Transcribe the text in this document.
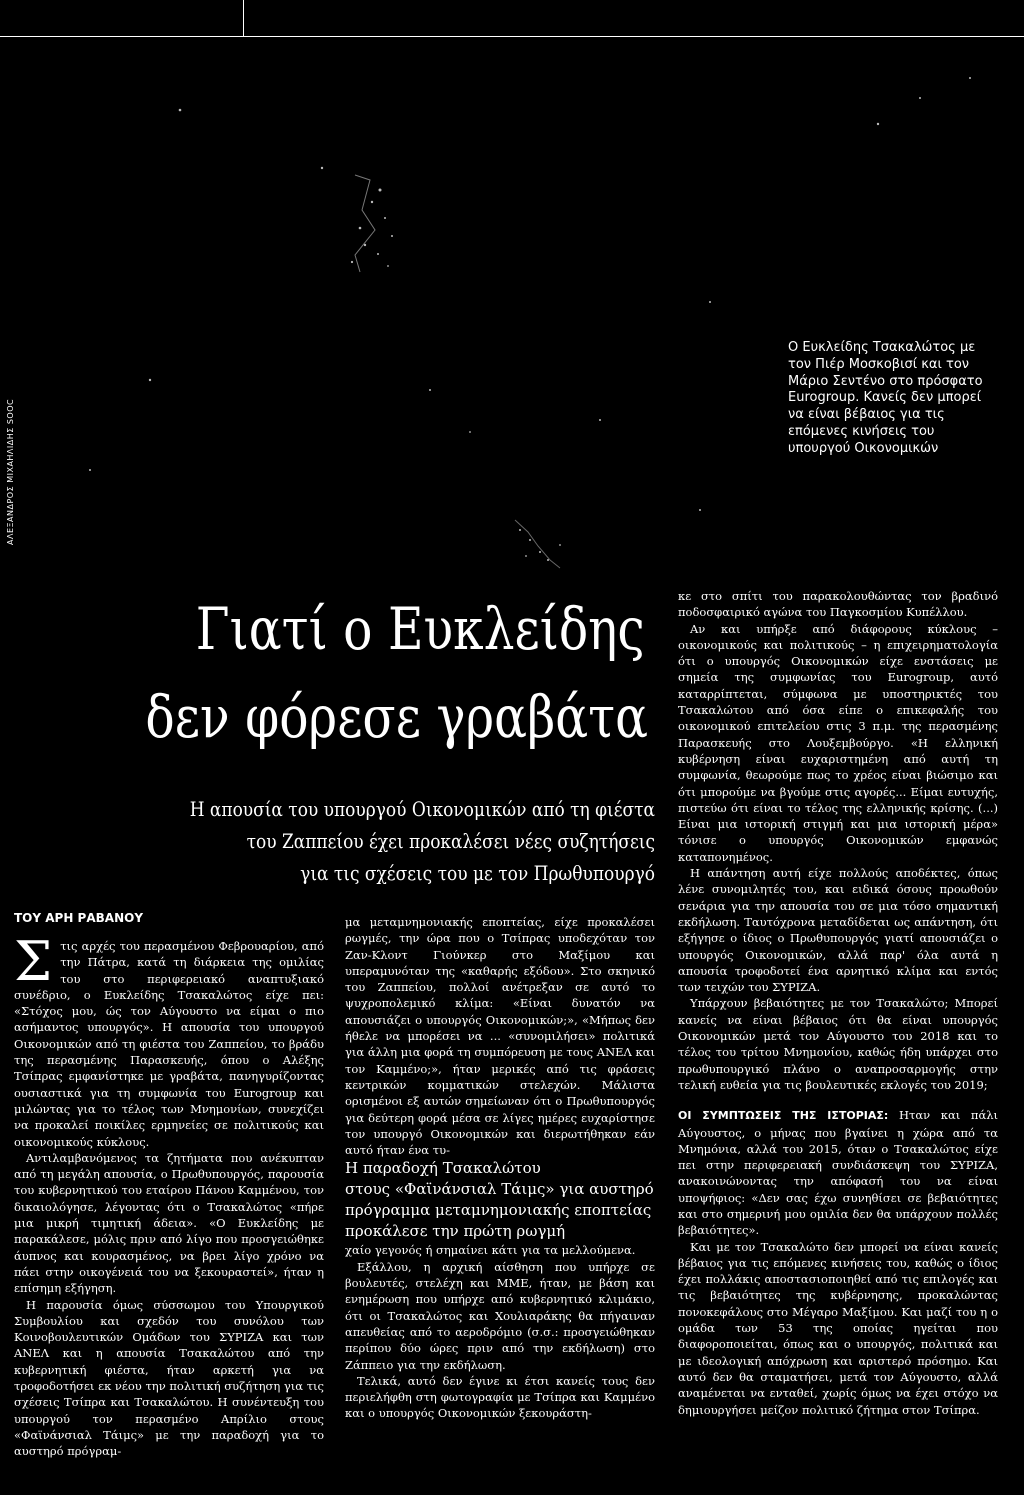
ΑΛΕΞΑΝΔΡΟΣ ΜΙΧΑΗΛΙΔΗΣ SOOC
Ο Ευκλείδης Τσακαλώτος με τον Πιέρ Μοσκοβισί και τον Μάριο Σεντένο στο πρόσφατο Eurogroup. Κανείς δεν μπορεί να είναι βέβαιος για τις επόμενες κινήσεις του υπουργού Οικονομικών
Γιατί ο Ευκλείδης
δεν φόρεσε γραβάτα

Η απουσία του υπουργού Οικονομικών από τη φιέστα
του Ζαππείου έχει προκαλέσει νέες συζητήσεις
για τις σχέσεις του με τον Πρωθυπουργό

ΤΟΥ ΑΡΗ ΡΑΒΑΝΟΥ

Στις αρχές του περασμένου Φεβρουαρίου, από την Πάτρα, κατά τη διάρκεια της ομιλίας του στο περιφερειακό αναπτυξιακό συνέδριο, ο Ευκλείδης Τσακαλώτος είχε πει: «Στόχος μου, ώς τον Αύγουστο να είμαι ο πιο ασήμαντος υπουργός». Η απουσία του υπουργού Οικονομικών από τη φιέστα του Ζαππείου, το βράδυ της περασμένης Παρασκευής, όπου ο Αλέξης Τσίπρας εμφανίστηκε με γραβάτα, πανηγυρίζοντας ουσιαστικά για τη συμφωνία του Eurogroup και μιλώντας για το τέλος των Μνημονίων, συνεχίζει να προκαλεί ποικίλες ερμηνείες σε πολιτικούς και οικονομικούς κύκλους.

Αντιλαμβανόμενος τα ζητήματα που ανέκυπταν από τη μεγάλη απουσία, ο Πρωθυπουργός, παρουσία του κυβερνητικού του εταίρου Πάνου Καμμένου, τον δικαιολόγησε, λέγοντας ότι ο Τσακαλώτος «πήρε μια μικρή τιμητική άδεια». «Ο Ευκλείδης με παρακάλεσε, μόλις πριν από λίγο που προσγειώθηκε άυπνος και κουρασμένος, να βρει λίγο χρόνο να πάει στην οικογένειά του να ξεκουραστεί», ήταν η επίσημη εξήγηση.

Η παρουσία όμως σύσσωμου του Υπουργικού Συμβουλίου και σχεδόν του συνόλου των Κοινοβουλευτικών Ομάδων του ΣΥΡΙΖΑ και των ΑΝΕΛ και η απουσία Τσακαλώτου από την κυβερνητική φιέστα, ήταν αρκετή για να τροφοδοτήσει εκ νέου την πολιτική συζήτηση για τις σχέσεις Τσίπρα και Τσακαλώτου. Η συνέντευξη του υπουργού τον περασμένο Απρίλιο στους «Φαϊνάνσιαλ Τάιμς» με την παραδοχή για το αυστηρό πρόγραμ-

μα μεταμνημονιακής εποπτείας, είχε προκαλέσει ρωγμές, την ώρα που ο Τσίπρας υποδεχόταν τον Ζαν-Κλοντ Γιούνκερ στο Μαξίμου και υπεραμυνόταν της «καθαρής εξόδου». Στο σκηνικό του Ζαππείου, πολλοί ανέτρεξαν σε αυτό το ψυχροπολεμικό κλίμα: «Είναι δυνατόν να απουσιάζει ο υπουργός Οικονομικών;», «Μήπως δεν ήθελε να μπορέσει να ... «συνομιλήσει» πολιτικά για άλλη μια φορά τη συμπόρευση με τους ΑΝΕΛ και τον Καμμένο;», ήταν μερικές από τις φράσεις κεντρικών κομματικών στελεχών. Μάλιστα ορισμένοι εξ αυτών σημείωναν ότι ο Πρωθυπουργός για δεύτερη φορά μέσα σε λίγες ημέρες ευχαρίστησε τον υπουργό Οικονομικών και διερωτήθηκαν εάν αυτό ήταν ένα τυ-

Η παραδοχή Τσακαλώτου
στους «Φαϊνάνσιαλ Τάιμς» για αυστηρό
πρόγραμμα μεταμνημονιακής εποπτείας
προκάλεσε την πρώτη ρωγμή

χαίο γεγονός ή σημαίνει κάτι για τα μελλούμενα.

Εξάλλου, η αρχική αίσθηση που υπήρχε σε βουλευτές, στελέχη και ΜΜΕ, ήταν, με βάση και ενημέρωση που υπήρχε από κυβερνητικό κλιμάκιο, ότι οι Τσακαλώτος και Χουλιαράκης θα πήγαιναν απευθείας από το αεροδρόμιο (σ.σ.: προσγειώθηκαν περίπου δύο ώρες πριν από την εκδήλωση) στο Ζάππειο για την εκδήλωση.

Τελικά, αυτό δεν έγινε κι έτσι κανείς τους δεν περιελήφθη στη φωτογραφία με Τσίπρα και Καμμένο και ο υπουργός Οικονομικών ξεκουράστη-

κε στο σπίτι του παρακολουθώντας τον βραδινό ποδοσφαιρικό αγώνα του Παγκοσμίου Κυπέλλου.

Αν και υπήρξε από διάφορους κύκλους – οικονομικούς και πολιτικούς – η επιχειρηματολογία ότι ο υπουργός Οικονομικών είχε ενστάσεις με σημεία της συμφωνίας του Eurogroup, αυτό καταρρίπτεται, σύμφωνα με υποστηρικτές του Τσακαλώτου από όσα είπε ο επικεφαλής του οικονομικού επιτελείου στις 3 π.μ. της περασμένης Παρασκευής στο Λουξεμβούργο. «Η ελληνική κυβέρνηση είναι ευχαριστημένη από αυτή τη συμφωνία, θεωρούμε πως το χρέος είναι βιώσιμο και ότι μπορούμε να βγούμε στις αγορές... Είμαι ευτυχής, πιστεύω ότι είναι το τέλος της ελληνικής κρίσης. (...) Είναι μια ιστορική στιγμή και μια ιστορική μέρα» τόνισε ο υπουργός Οικονομικών εμφανώς καταπονημένος.

Η απάντηση αυτή είχε πολλούς αποδέκτες, όπως λένε συνομιλητές του, και ειδικά όσους προωθούν σενάρια για την απουσία του σε μια τόσο σημαντική εκδήλωση. Ταυτόχρονα μεταδίδεται ως απάντηση, ότι εξήγησε ο ίδιος ο Πρωθυπουργός γιατί απουσιάζει ο υπουργός Οικονομικών, αλλά παρ' όλα αυτά η απουσία τροφοδοτεί ένα αρνητικό κλίμα και εντός των τειχών του ΣΥΡΙΖΑ.

Υπάρχουν βεβαιότητες με τον Τσακαλώτο; Μπορεί κανείς να είναι βέβαιος ότι θα είναι υπουργός Οικονομικών μετά τον Αύγουστο του 2018 και το τέλος του τρίτου Μνημονίου, καθώς ήδη υπάρχει στο πρωθυπουργικό πλάνο ο αναπροσαρμογής στην τελική ευθεία για τις βουλευτικές εκλογές του 2019;

ΟΙ ΣΥΜΠΤΩΣΕΙΣ ΤΗΣ ΙΣΤΟΡΙΑΣ: Ηταν και πάλι Αύγουστος, ο μήνας που βγαίνει η χώρα από τα Μνημόνια, αλλά του 2015, όταν ο Τσακαλώτος είχε πει στην περιφερειακή συνδιάσκεψη του ΣΥΡΙΖΑ, ανακοινώνοντας την απόφασή του να είναι υποψήφιος: «Δεν σας έχω συνηθίσει σε βεβαιότητες και στο σημερινή μου ομιλία δεν θα υπάρχουν πολλές βεβαιότητες».

Και με τον Τσακαλώτο δεν μπορεί να είναι κανείς βέβαιος για τις επόμενες κινήσεις του, καθώς ο ίδιος έχει πολλάκις αποστασιοποιηθεί από τις επιλογές και τις βεβαιότητες της κυβέρνησης, προκαλώντας πονοκεφάλους στο Μέγαρο Μαξίμου. Και μαζί του η ο ομάδα των 53 της οποίας ηγείται που διαφοροποιείται, όπως και ο υπουργός, πολιτικά και με ιδεολογική απόχρωση και αριστερό πρόσημο. Και αυτό δεν θα σταματήσει, μετά τον Αύγουστο, αλλά αναμένεται να ενταθεί, χωρίς όμως να έχει στόχο να δημιουργήσει μείζον πολιτικό ζήτημα στον Τσίπρα.
